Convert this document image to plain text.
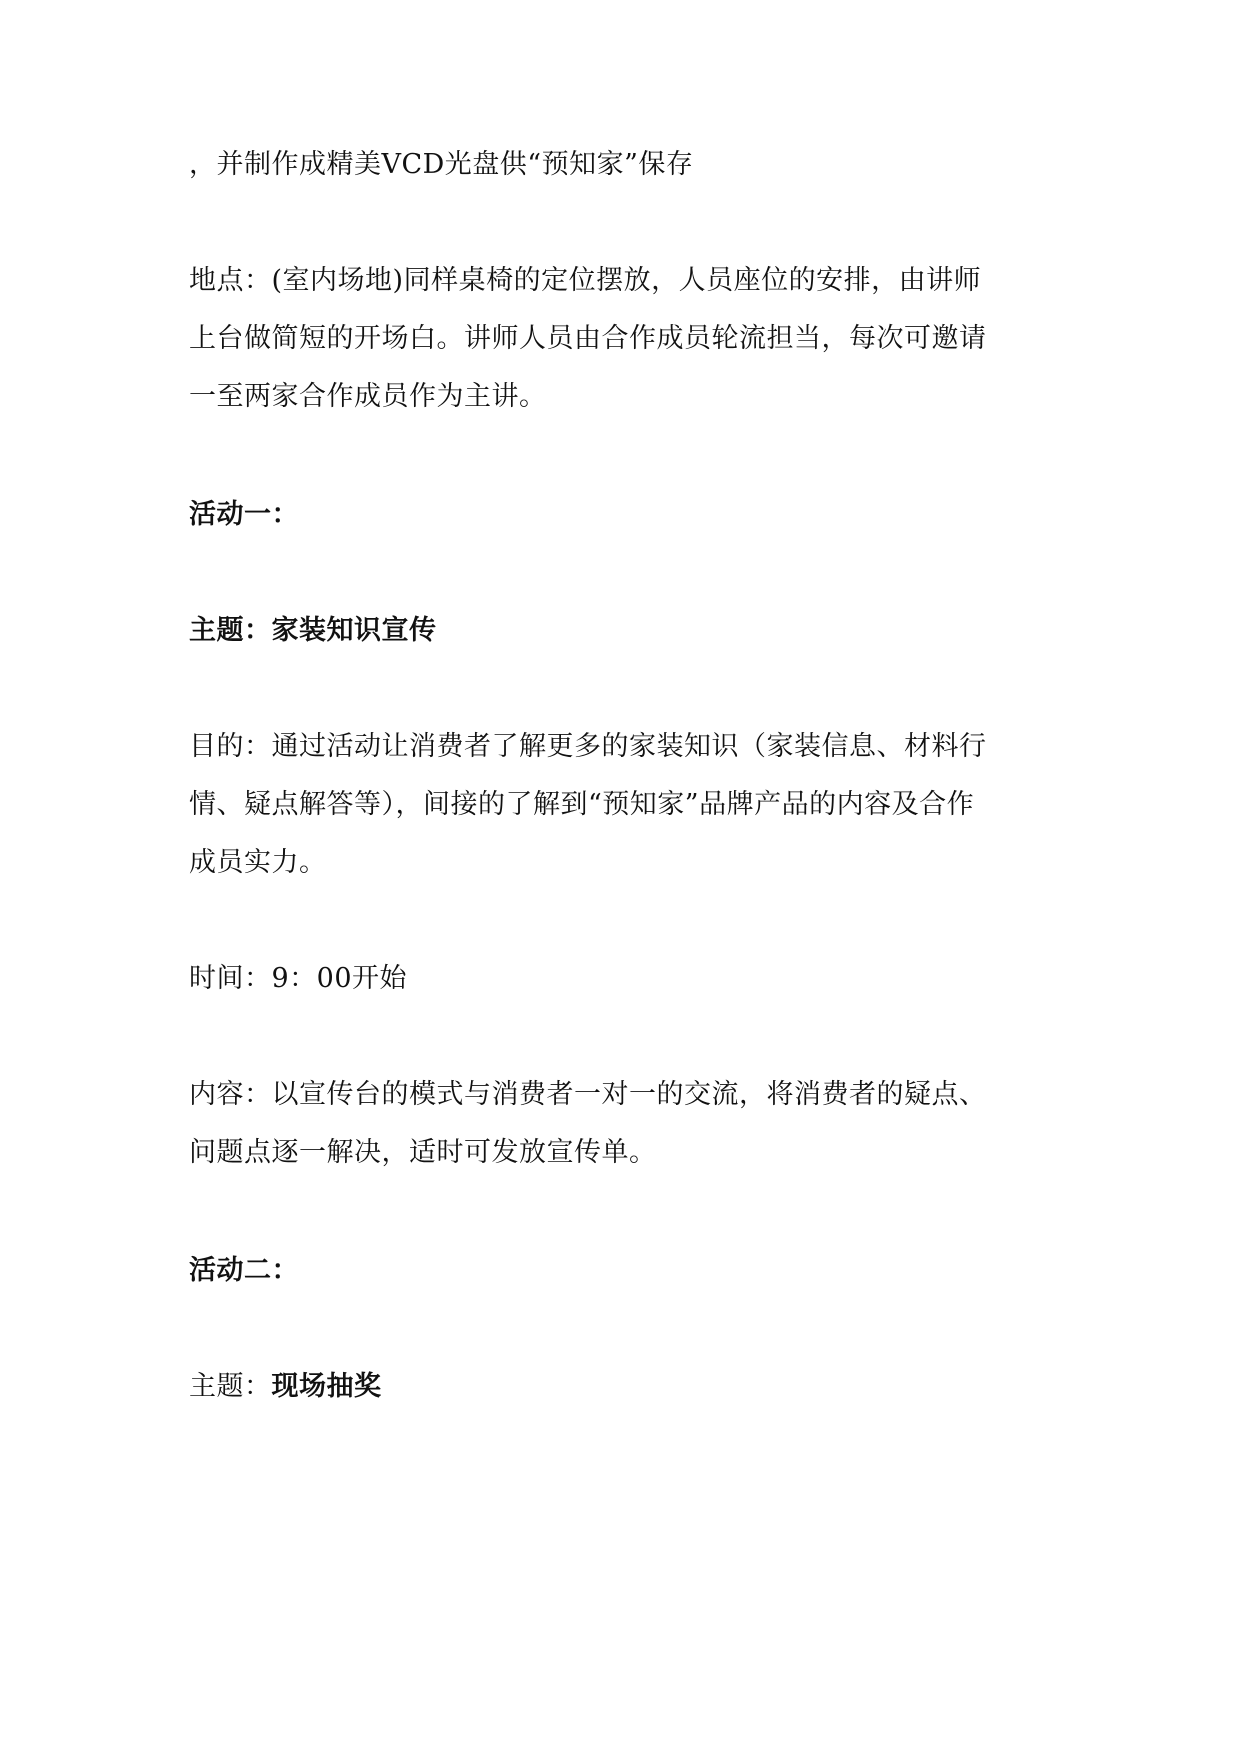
，并制作成精美VCD光盘供“预知家”保存
地点：(室内场地)同样桌椅的定位摆放，人员座位的安排，由讲师
上台做简短的开场白。讲师人员由合作成员轮流担当，每次可邀请
一至两家合作成员作为主讲。
活动一：
主题：家装知识宣传
目的：通过活动让消费者了解更多的家装知识（家装信息、材料行
情、疑点解答等），间接的了解到“预知家”品牌产品的内容及合作
成员实力。
时间：9：00开始
内容：以宣传台的模式与消费者一对一的交流，将消费者的疑点、
问题点逐一解决，适时可发放宣传单。
活动二：
主题：现场抽奖
